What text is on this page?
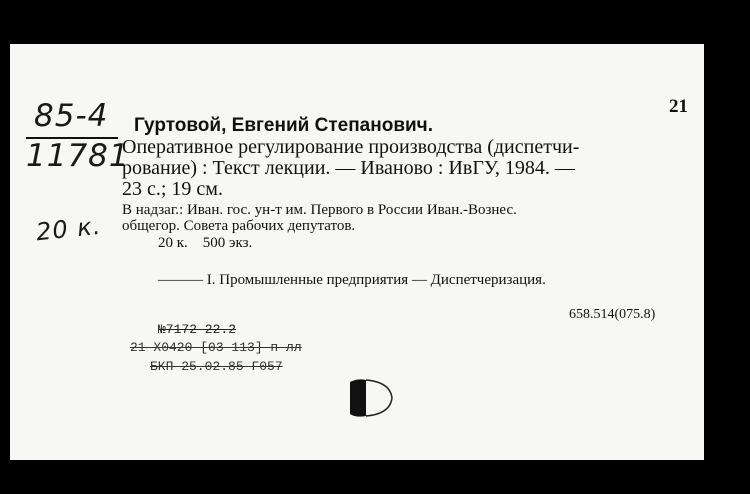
85-4
11781
20 к.
21
Гуртовой, Евгений Степанович.
Оперативное регулирование производства (диспетчи-
рование) : Текст лекции. — Иваново : ИвГУ, 1984. —
23 с.; 19 см.
В надзаг.: Иван. гос. ун-т им. Первого в России Иван.-Вознес.
общегор. Совета рабочих депутатов.
20 к.    500 экз.
——— I. Промышленные предприятия — Диспетчеризация.
658.514(075.8)
№7172 22.2
21 X0420 [03-113] п лл
БКП 25.02.85 Г057
